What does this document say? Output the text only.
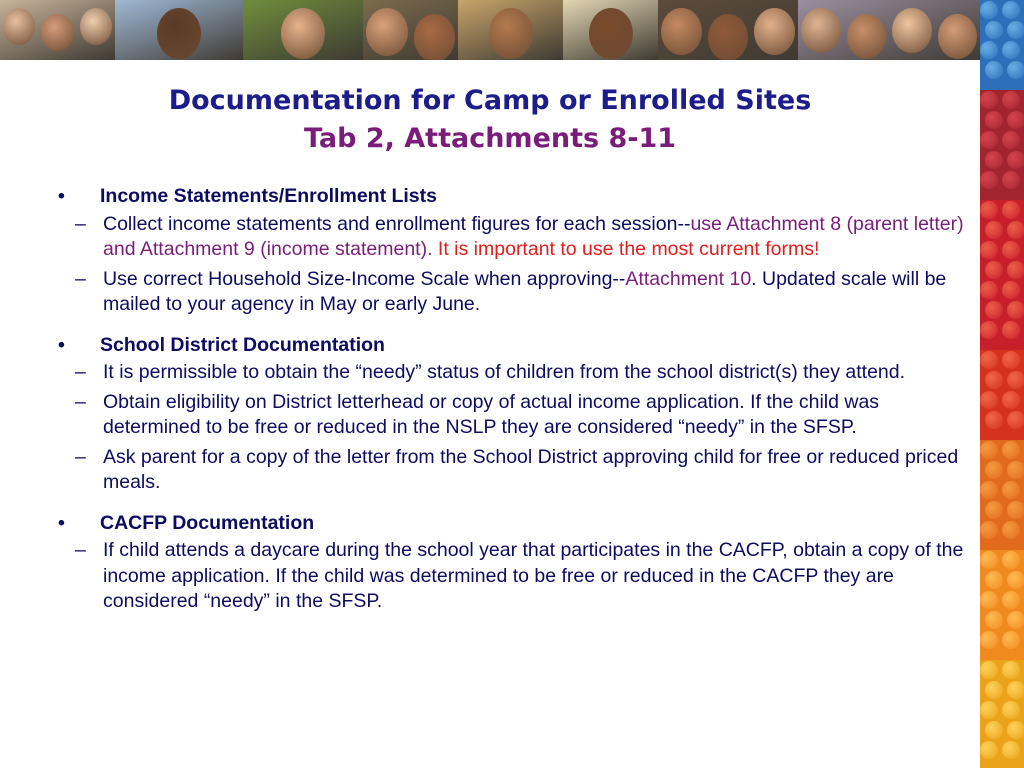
Documentation for Camp or Enrolled Sites
Tab 2, Attachments 8-11
•	Income Statements/Enrollment Lists
– Collect income statements and enrollment figures for each session--use Attachment 8 (parent letter) and Attachment 9 (income statement). It is important to use the most current forms!
– Use correct Household Size-Income Scale when approving--Attachment 10. Updated scale will be mailed to your agency in May or early June.
•	School District Documentation
– It is permissible to obtain the “needy” status of children from the school district(s) they attend.
– Obtain eligibility on District letterhead or copy of actual income application. If the child was determined to be free or reduced in the NSLP they are considered “needy” in the SFSP.
– Ask parent for a copy of the letter from the School District approving child for free or reduced priced meals.
•	CACFP Documentation
– If child attends a daycare during the school year that participates in the CACFP, obtain a copy of the income application. If the child was determined to be free or reduced in the CACFP they are considered “needy” in the SFSP.
